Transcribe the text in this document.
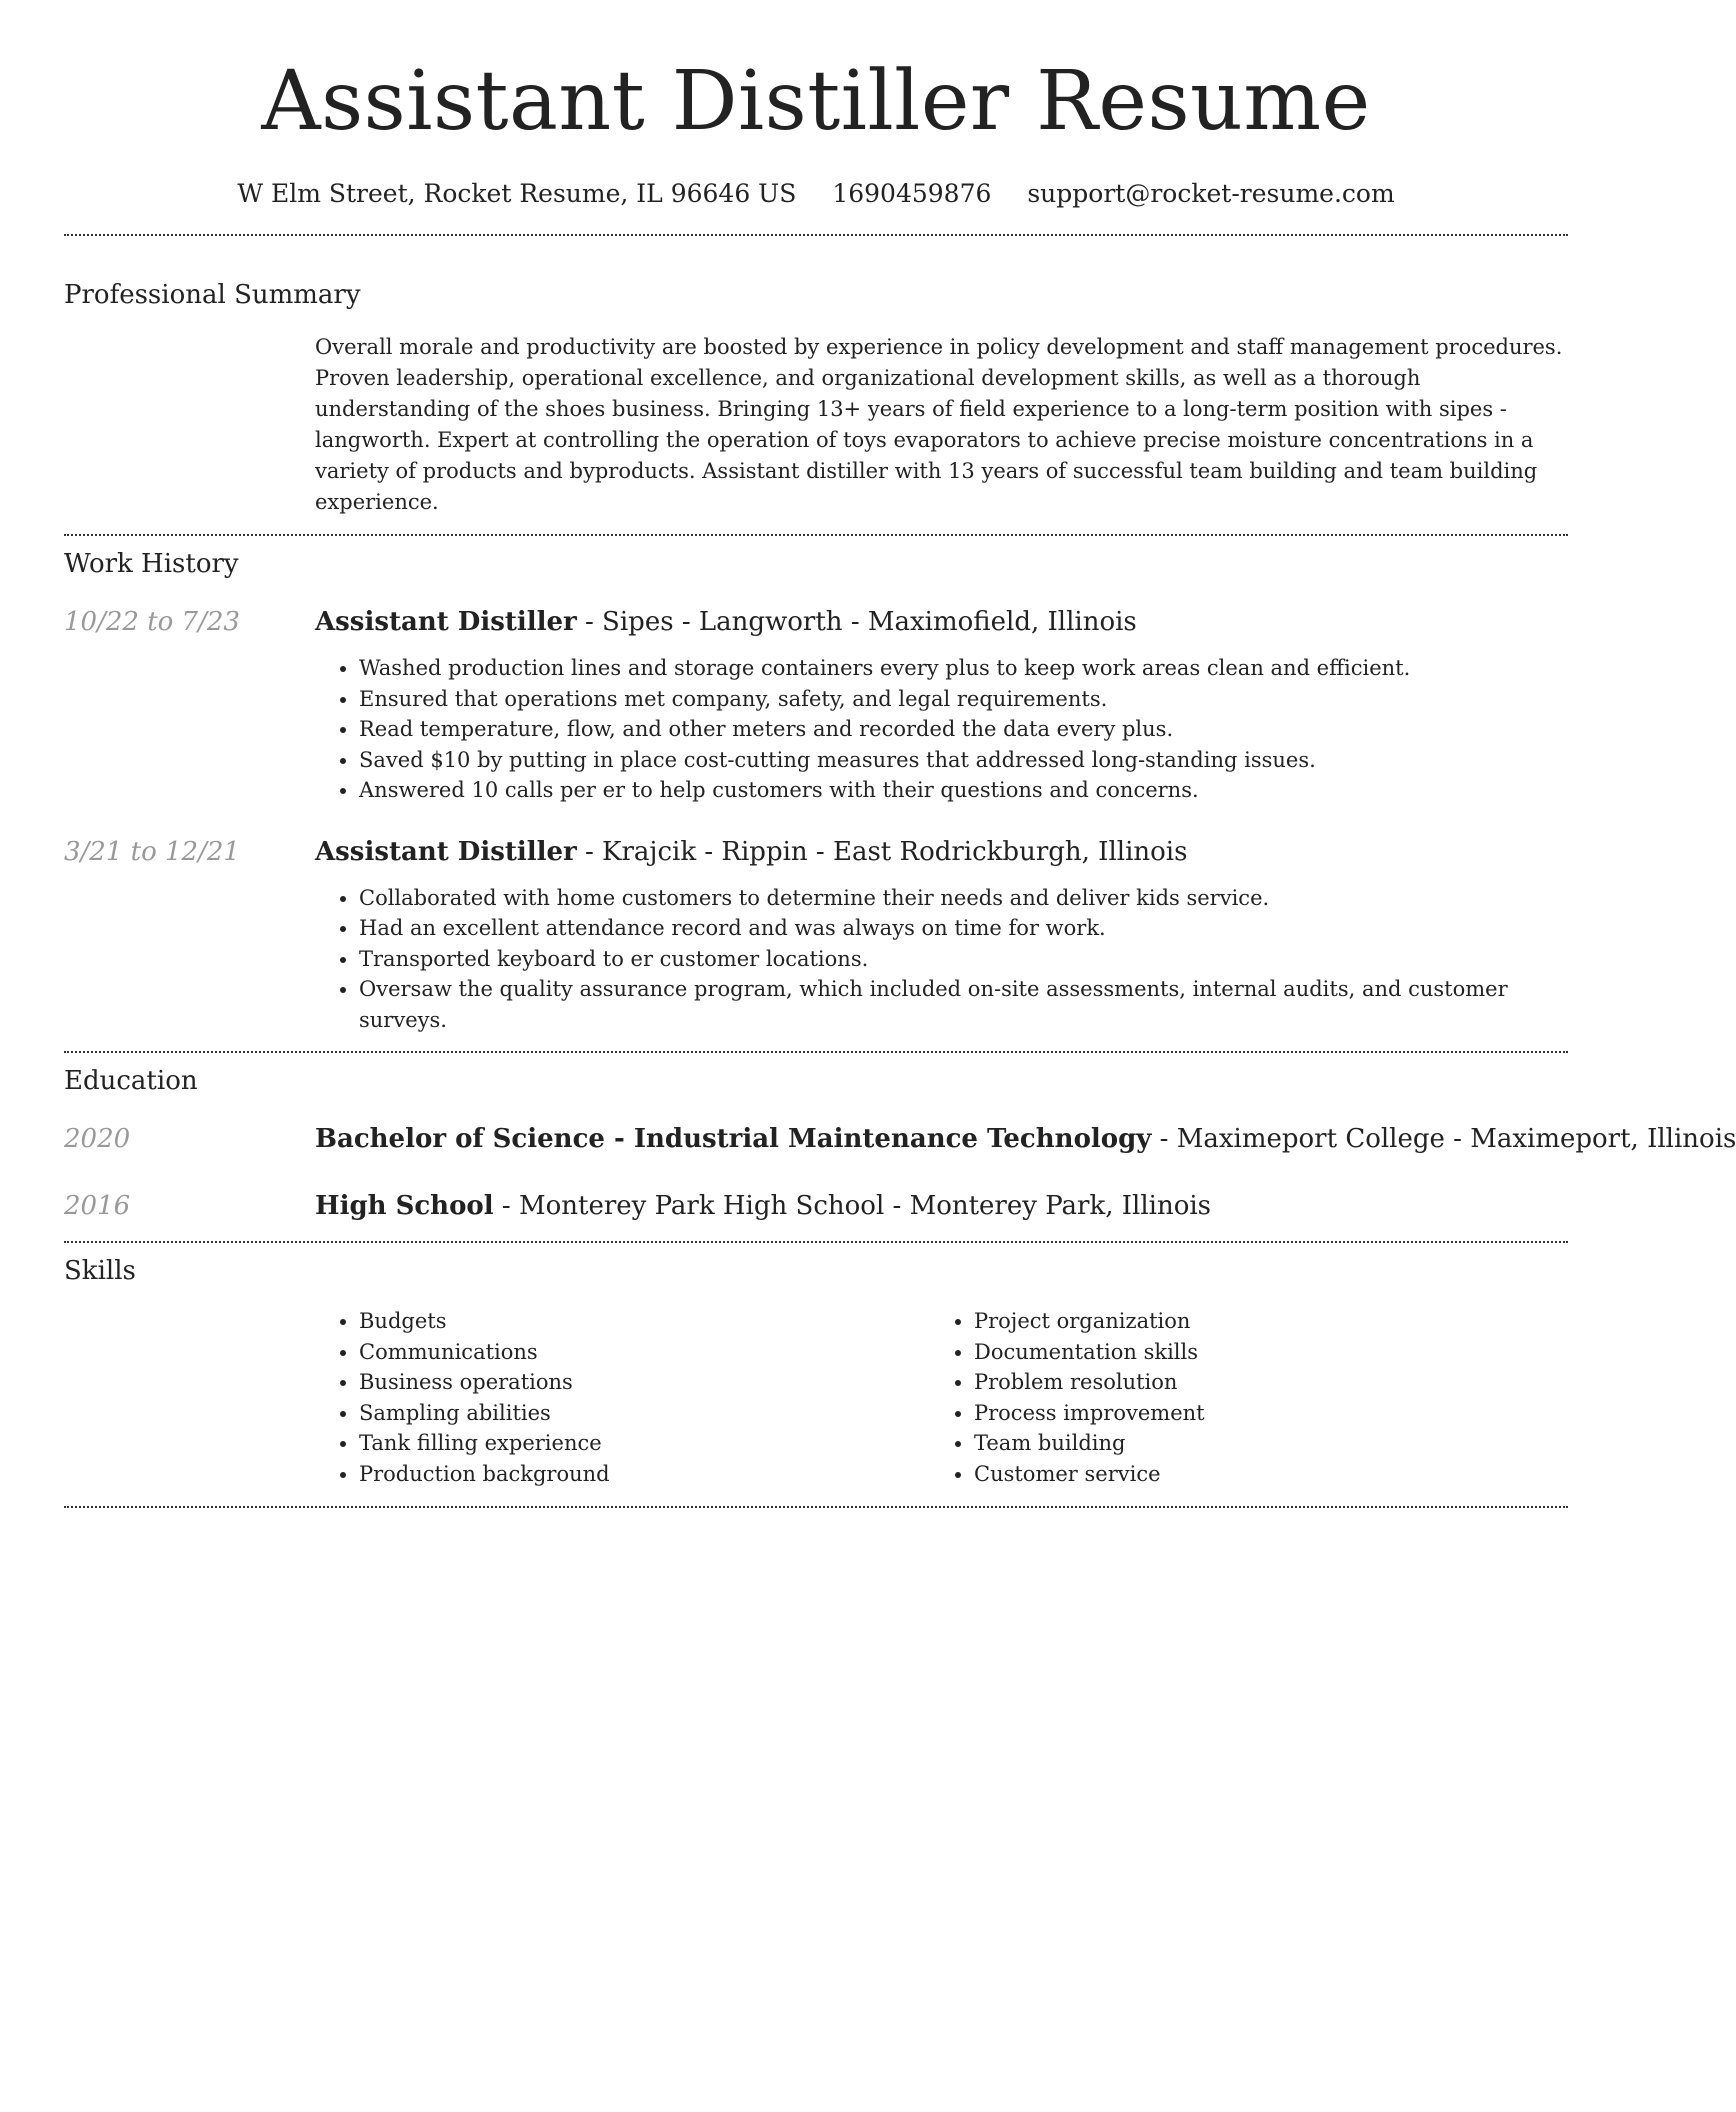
Assistant Distiller Resume
W Elm Street, Rocket Resume, IL 96646 US 1690459876 support@rocket-resume.com
Professional Summary

Overall morale and productivity are boosted by experience in policy development and staff management procedures. Proven leadership, operational excellence, and organizational development skills, as well as a thorough understanding of the shoes business. Bringing 13+ years of field experience to a long-term position with sipes - langworth. Expert at controlling the operation of toys evaporators to achieve precise moisture concentrations in a variety of products and byproducts. Assistant distiller with 13 years of successful team building and team building experience.

Work History
10/22 to 7/23	Assistant Distiller - Sipes - Langworth - Maximofield, Illinois
• Washed production lines and storage containers every plus to keep work areas clean and efficient.
• Ensured that operations met company, safety, and legal requirements.
• Read temperature, flow, and other meters and recorded the data every plus.
• Saved $10 by putting in place cost-cutting measures that addressed long-standing issues.
• Answered 10 calls per er to help customers with their questions and concerns.
3/21 to 12/21	Assistant Distiller - Krajcik - Rippin - East Rodrickburgh, Illinois
• Collaborated with home customers to determine their needs and deliver kids service.
• Had an excellent attendance record and was always on time for work.
• Transported keyboard to er customer locations.
• Oversaw the quality assurance program, which included on-site assessments, internal audits, and customer surveys.
Education
2020	Bachelor of Science - Industrial Maintenance Technology - Maximeport College - Maximeport, Illinois
2016	High School - Monterey Park High School - Monterey Park, Illinois
Skills
• Budgets
• Communications
• Business operations
• Sampling abilities
• Tank filling experience
• Production background
• Project organization
• Documentation skills
• Problem resolution
• Process improvement
• Team building
• Customer service
